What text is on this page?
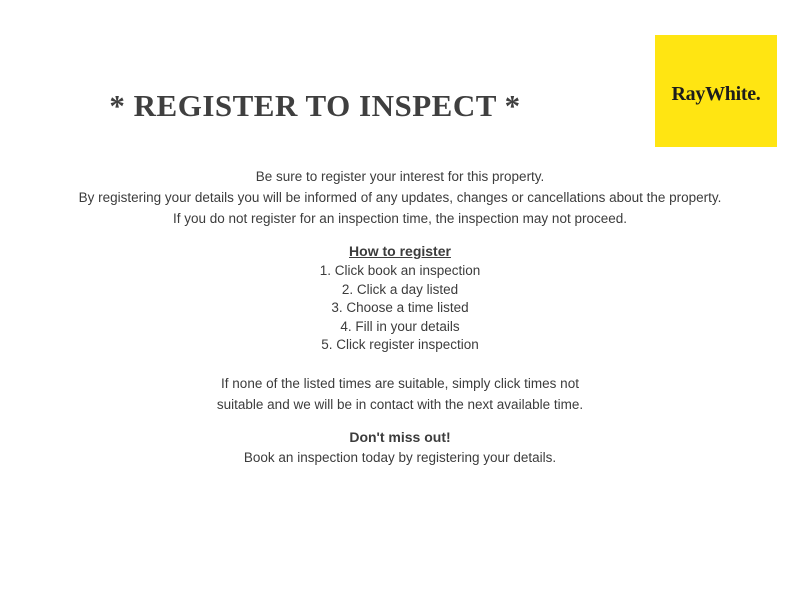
RayWhite.
* REGISTER TO INSPECT *
Be sure to register your interest for this property.
By registering your details you will be informed of any updates, changes or cancellations about the property.
If you do not register for an inspection time, the inspection may not proceed.
How to register
1. Click book an inspection
2. Click a day listed
3. Choose a time listed
4. Fill in your details
5. Click register inspection
If none of the listed times are suitable, simply click times not
suitable and we will be in contact with the next available time.
Don't miss out!
Book an inspection today by registering your details.
